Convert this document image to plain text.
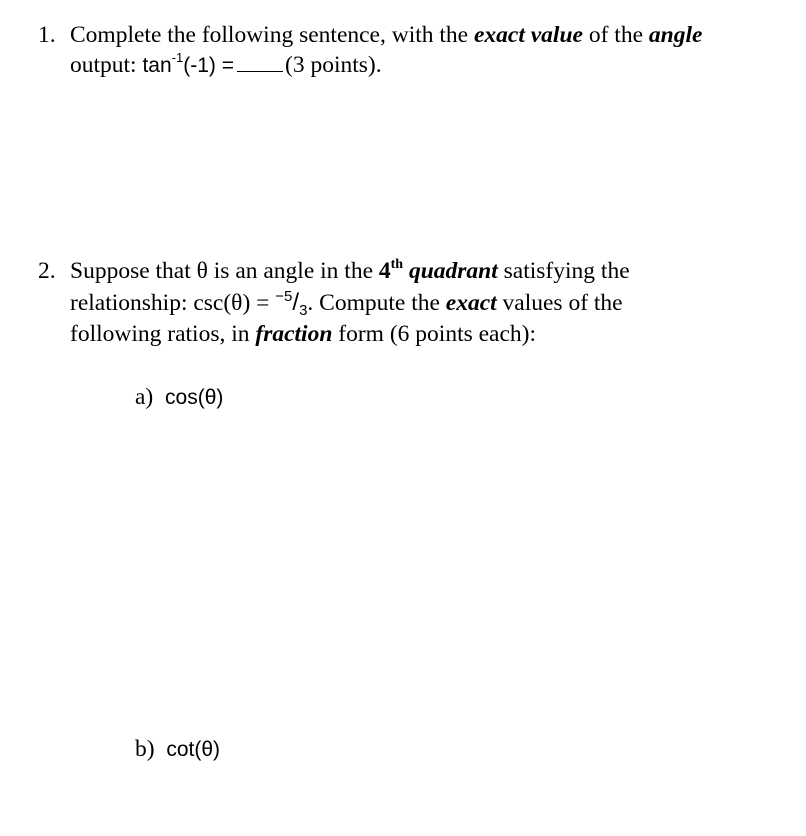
1. Complete the following sentence, with the exact value of the angle
output: $\tan^{-1}(-1) = (3$ points).
2. Suppose that θ is an angle in the 4th quadrant satisfying the
relationship: $\csc(\theta) = ^{-5}/_3$. Compute the exact values of the
following ratios, in fraction form (6 points each):
a) cos(θ)
b) cot(θ)
